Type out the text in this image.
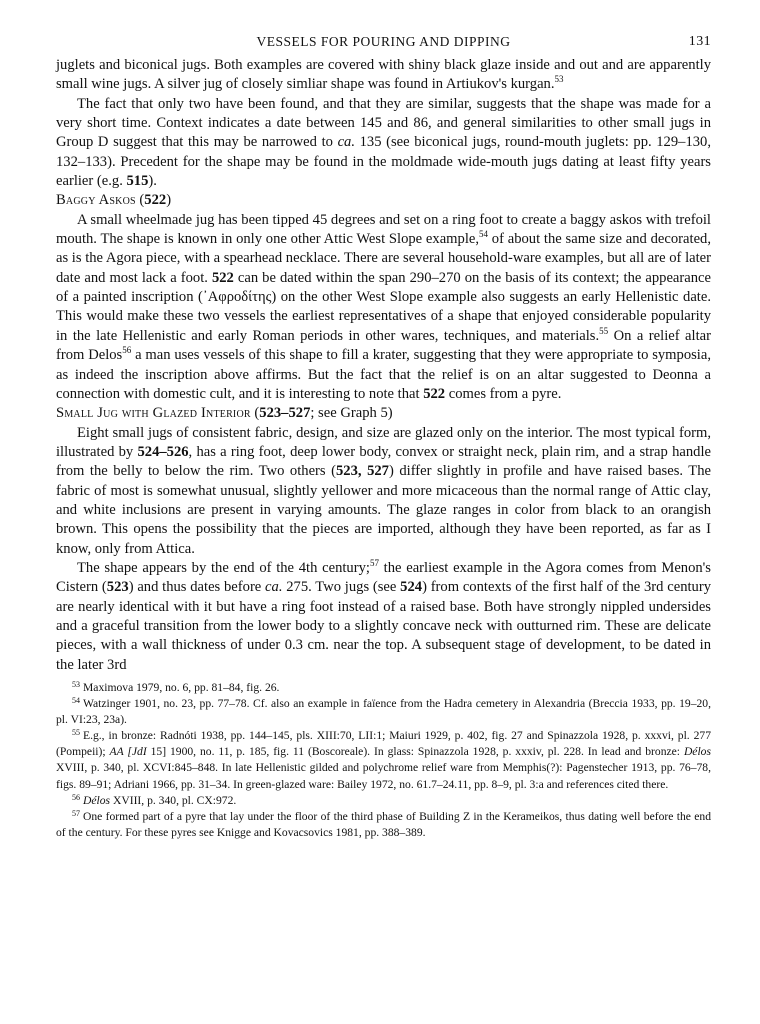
VESSELS FOR POURING AND DIPPING	131

juglets and biconical jugs. Both examples are covered with shiny black glaze inside and out and are apparently small wine jugs. A silver jug of closely simliar shape was found in Artiukov's kurgan.$^{53}$

The fact that only two have been found, and that they are similar, suggests that the shape was made for a very short time. Context indicates a date between 145 and 86, and general similarities to other small jugs in Group D suggest that this may be narrowed to ca. 135 (see biconical jugs, round-mouth juglets: pp. 129–130, 132–133). Precedent for the shape may be found in the moldmade wide-mouth jugs dating at least fifty years earlier (e.g. 515).

Baggy Askos (522)

A small wheelmade jug has been tipped 45 degrees and set on a ring foot to create a baggy askos with trefoil mouth. The shape is known in only one other Attic West Slope example,$^{54}$ of about the same size and decorated, as is the Agora piece, with a spearhead necklace. There are several household-ware examples, but all are of later date and most lack a foot. 522 can be dated within the span 290–270 on the basis of its context; the appearance of a painted inscription (᾿Αφροδίτης) on the other West Slope example also suggests an early Hellenistic date. This would make these two vessels the earliest representatives of a shape that enjoyed considerable popularity in the late Hellenistic and early Roman periods in other wares, techniques, and materials.$^{55}$ On a relief altar from Delos$^{56}$ a man uses vessels of this shape to fill a krater, suggesting that they were appropriate to symposia, as indeed the inscription above affirms. But the fact that the relief is on an altar suggested to Deonna a connection with domestic cult, and it is interesting to note that 522 comes from a pyre.

Small Jug with Glazed Interior (523–527; see Graph 5)

Eight small jugs of consistent fabric, design, and size are glazed only on the interior. The most typical form, illustrated by 524–526, has a ring foot, deep lower body, convex or straight neck, plain rim, and a strap handle from the belly to below the rim. Two others (523, 527) differ slightly in profile and have raised bases. The fabric of most is somewhat unusual, slightly yellower and more micaceous than the normal range of Attic clay, and white inclusions are present in varying amounts. The glaze ranges in color from black to an orangish brown. This opens the possibility that the pieces are imported, although they have been reported, as far as I know, only from Attica.

The shape appears by the end of the 4th century;$^{57}$ the earliest example in the Agora comes from Menon's Cistern (523) and thus dates before ca. 275. Two jugs (see 524) from contexts of the first half of the 3rd century are nearly identical with it but have a ring foot instead of a raised base. Both have strongly nippled undersides and a graceful transition from the lower body to a slightly concave neck with outturned rim. These are delicate pieces, with a wall thickness of under 0.3 cm. near the top. A subsequent stage of development, to be dated in the later 3rd

$^{53}$ Maximova 1979, no. 6, pp. 81–84, fig. 26.

$^{54}$ Watzinger 1901, no. 23, pp. 77–78. Cf. also an example in faïence from the Hadra cemetery in Alexandria (Breccia 1933, pp. 19–20, pl. VI:23, 23a).

$^{55}$ E.g., in bronze: Radnóti 1938, pp. 144–145, pls. XIII:70, LII:1; Maiuri 1929, p. 402, fig. 27 and Spinazzola 1928, p. xxxvi, pl. 277 (Pompeii); AA [JdI 15] 1900, no. 11, p. 185, fig. 11 (Boscoreale). In glass: Spinazzola 1928, p. xxxiv, pl. 228. In lead and bronze: Délos XVIII, p. 340, pl. XCVI:845–848. In late Hellenistic gilded and polychrome relief ware from Memphis(?): Pagenstecher 1913, pp. 76–78, figs. 89–91; Adriani 1966, pp. 31–34. In green-glazed ware: Bailey 1972, no. 61.7–24.11, pp. 8–9, pl. 3:a and references cited there.

$^{56}$ Délos XVIII, p. 340, pl. CX:972.

$^{57}$ One formed part of a pyre that lay under the floor of the third phase of Building Z in the Kerameikos, thus dating well before the end of the century. For these pyres see Knigge and Kovacsovics 1981, pp. 388–389.
